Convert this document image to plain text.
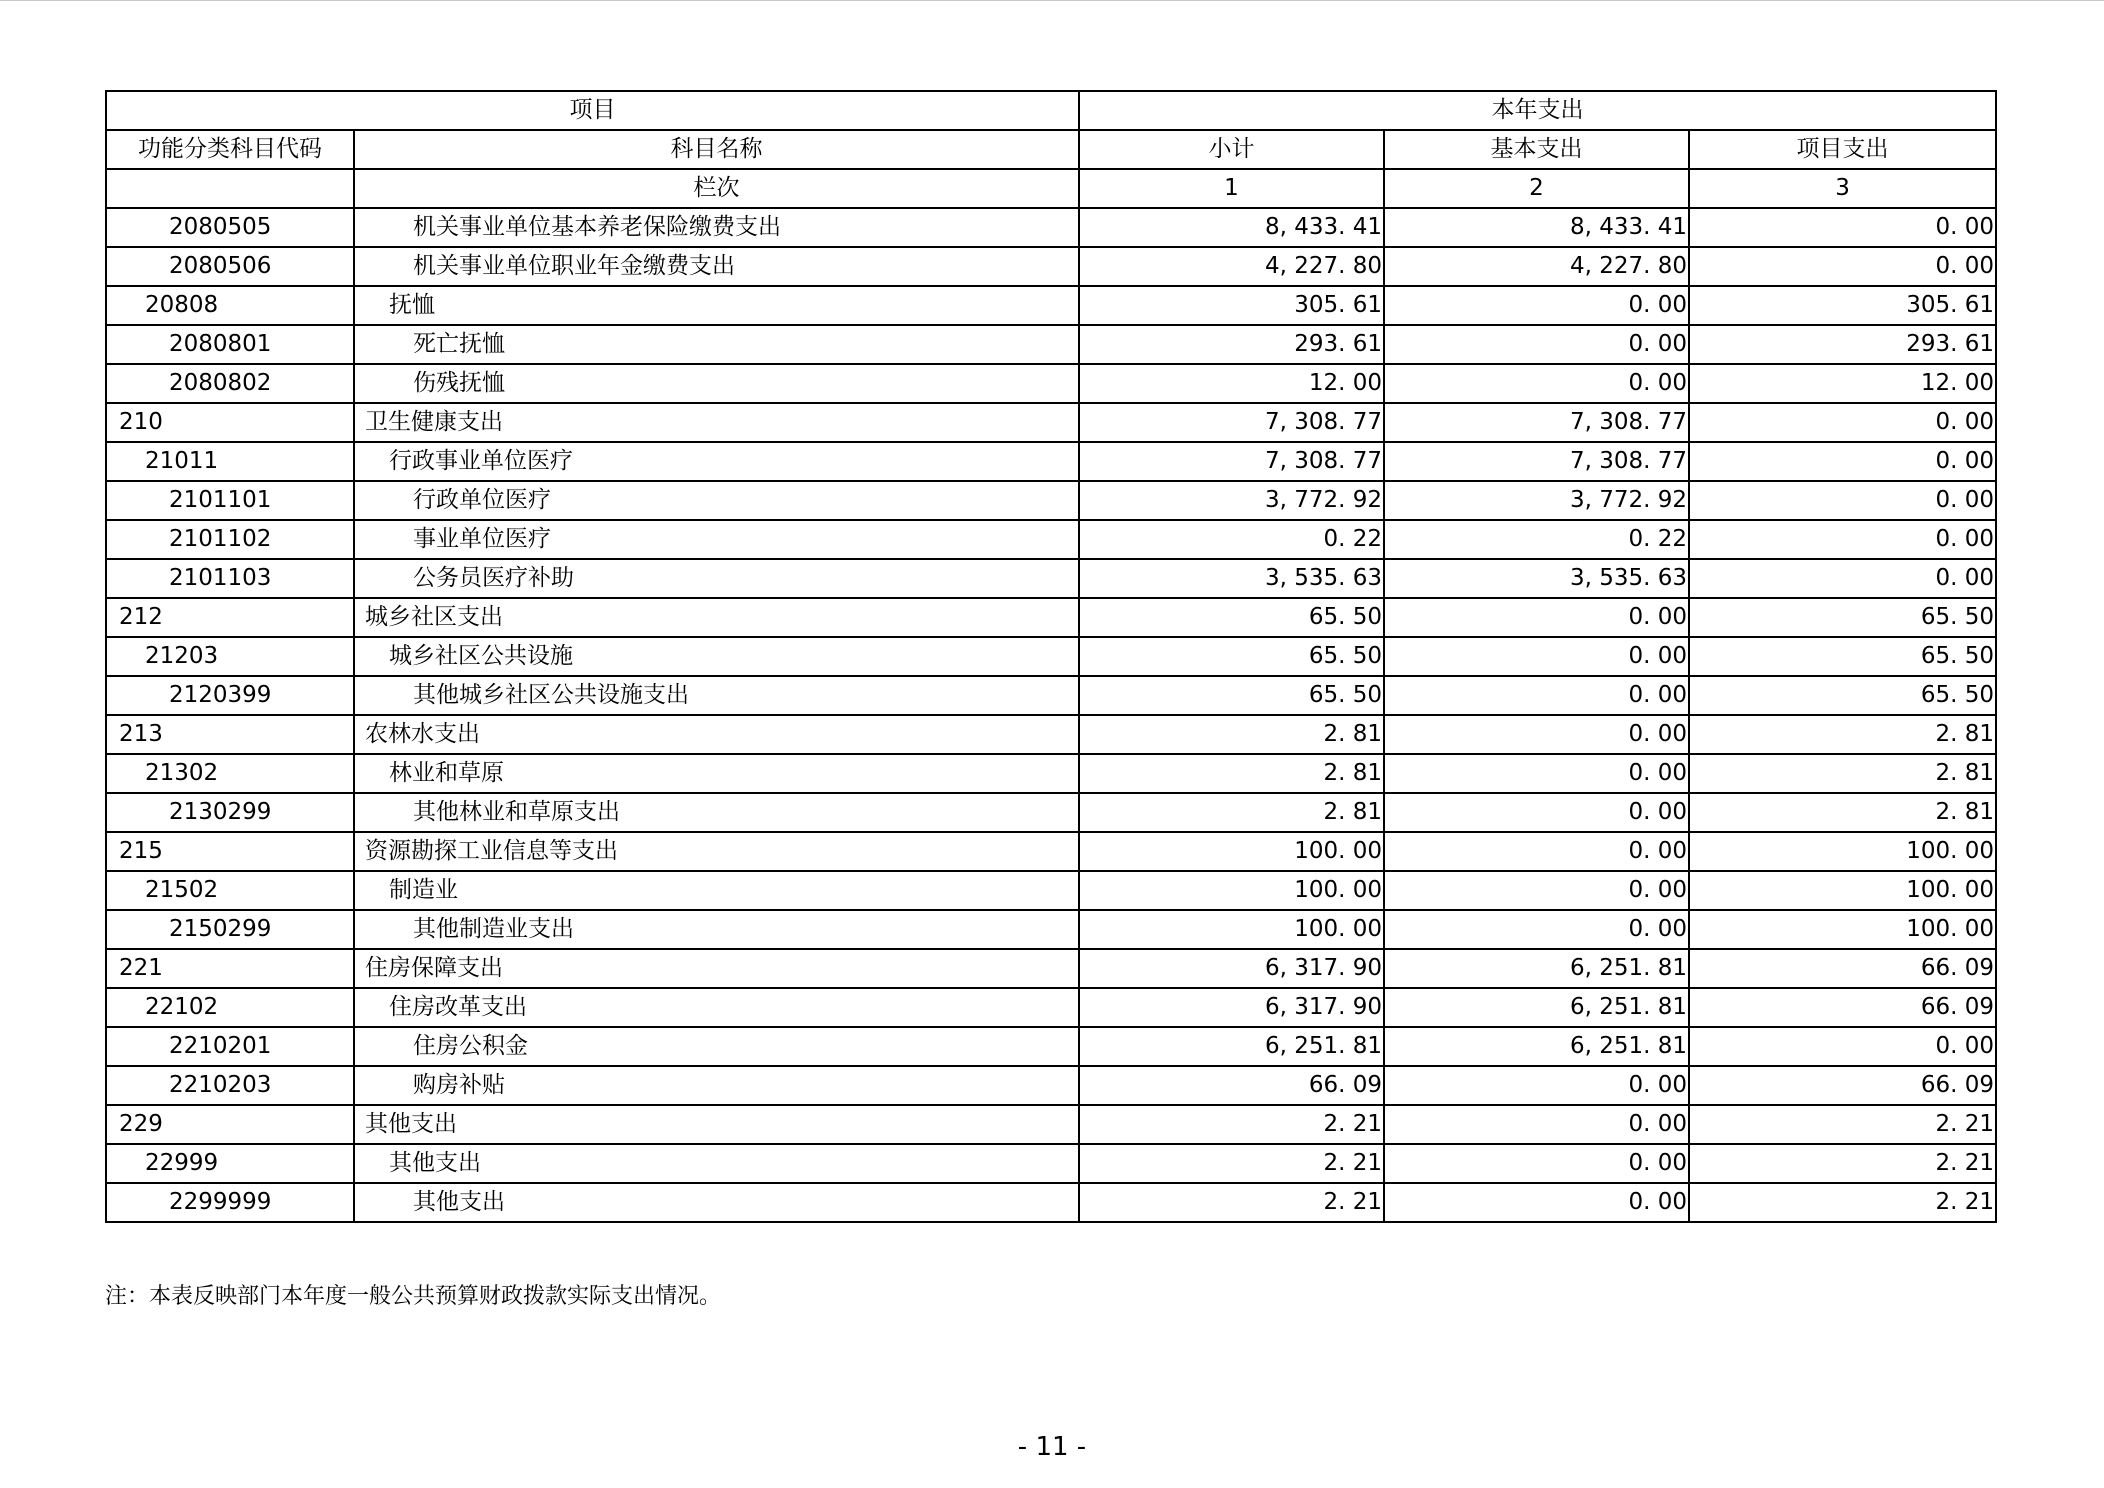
项目		本年支出		
功能分类科目代码	科目名称	小计	基本支出	项目支出
	栏次	1	2	3
2080505	机关事业单位基本养老保险缴费支出	8, 433. 41	8, 433. 41	0. 00
2080506	机关事业单位职业年金缴费支出	4, 227. 80	4, 227. 80	0. 00
20808	抚恤	305. 61	0. 00	305. 61
2080801	死亡抚恤	293. 61	0. 00	293. 61
2080802	伤残抚恤	12. 00	0. 00	12. 00
210	卫生健康支出	7, 308. 77	7, 308. 77	0. 00
21011	行政事业单位医疗	7, 308. 77	7, 308. 77	0. 00
2101101	行政单位医疗	3, 772. 92	3, 772. 92	0. 00
2101102	事业单位医疗	0. 22	0. 22	0. 00
2101103	公务员医疗补助	3, 535. 63	3, 535. 63	0. 00
212	城乡社区支出	65. 50	0. 00	65. 50
21203	城乡社区公共设施	65. 50	0. 00	65. 50
2120399	其他城乡社区公共设施支出	65. 50	0. 00	65. 50
213	农林水支出	2. 81	0. 00	2. 81
21302	林业和草原	2. 81	0. 00	2. 81
2130299	其他林业和草原支出	2. 81	0. 00	2. 81
215	资源勘探工业信息等支出	100. 00	0. 00	100. 00
21502	制造业	100. 00	0. 00	100. 00
2150299	其他制造业支出	100. 00	0. 00	100. 00
221	住房保障支出	6, 317. 90	6, 251. 81	66. 09
22102	住房改革支出	6, 317. 90	6, 251. 81	66. 09
2210201	住房公积金	6, 251. 81	6, 251. 81	0. 00
2210203	购房补贴	66. 09	0. 00	66. 09
229	其他支出	2. 21	0. 00	2. 21
22999	其他支出	2. 21	0. 00	2. 21
2299999	其他支出	2. 21	0. 00	2. 21
注：本表反映部门本年度一般公共预算财政拨款实际支出情况。
- 11 -
